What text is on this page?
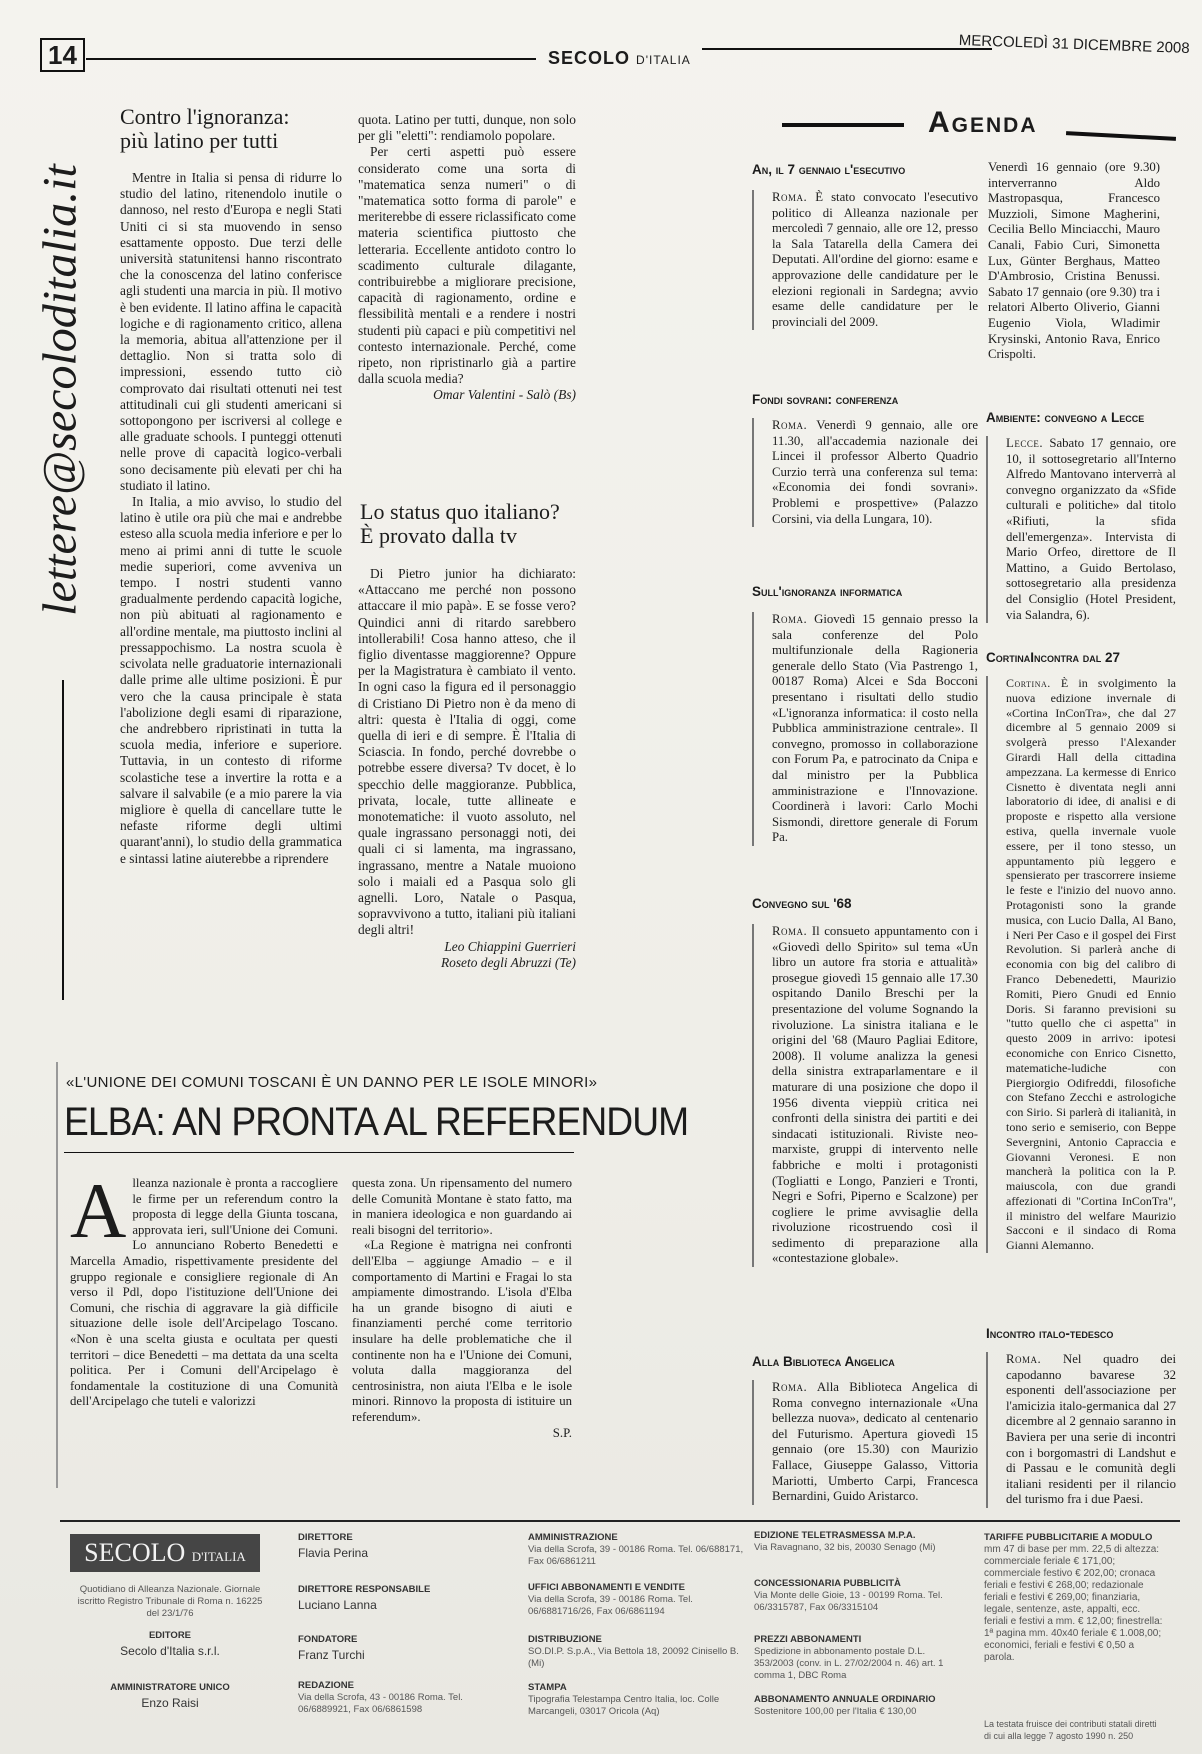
14	SECOLO D'ITALIA
MERCOLEDÌ 31 DICEMBRE 2008
lettere@secoloditalia.it
Contro l'ignoranza:
più latino per tutti

Mentre in Italia si pensa di ridurre lo studio del latino, ritenendolo inutile o dannoso, nel resto d'Europa e negli Stati Uniti ci si sta muovendo in senso esattamente opposto. Due terzi delle università statunitensi hanno riscontrato che la conoscenza del latino conferisce agli studenti una marcia in più. Il motivo è ben evidente. Il latino affina le capacità logiche e di ragionamento critico, allena la memoria, abitua all'attenzione per il dettaglio. Non si tratta solo di impressioni, essendo tutto ciò comprovato dai risultati ottenuti nei test attitudinali cui gli studenti americani si sottopongono per iscriversi al college e alle graduate schools. I punteggi ottenuti nelle prove di capacità logico-verbali sono decisamente più elevati per chi ha studiato il latino.

In Italia, a mio avviso, lo studio del latino è utile ora più che mai e andrebbe esteso alla scuola media inferiore e per lo meno ai primi anni di tutte le scuole medie superiori, come avveniva un tempo. I nostri studenti vanno gradualmente perdendo capacità logiche, non più abituati al ragionamento e all'ordine mentale, ma piuttosto inclini al pressappochismo. La nostra scuola è scivolata nelle graduatorie internazionali dalle prime alle ultime posizioni. È pur vero che la causa principale è stata l'abolizione degli esami di riparazione, che andrebbero ripristinati in tutta la scuola media, inferiore e superiore. Tuttavia, in un contesto di riforme scolastiche tese a invertire la rotta e a salvare il salvabile (e a mio parere la via migliore è quella di cancellare tutte le nefaste riforme degli ultimi quarant'anni), lo studio della grammatica e sintassi latine aiuterebbe a riprendere

quota. Latino per tutti, dunque, non solo per gli "eletti": rendiamolo popolare.

Per certi aspetti può essere considerato come una sorta di "matematica senza numeri" o di "matematica sotto forma di parole" e meriterebbe di essere riclassificato come materia scientifica piuttosto che letteraria. Eccellente antidoto contro lo scadimento culturale dilagante, contribuirebbe a migliorare precisione, capacità di ragionamento, ordine e flessibilità mentali e a rendere i nostri studenti più capaci e più competitivi nel contesto internazionale. Perché, come ripeto, non ripristinarlo già a partire dalla scuola media?

Omar Valentini - Salò (Bs)

Lo status quo italiano?
È provato dalla tv

Di Pietro junior ha dichiarato: «Attaccano me perché non possono attaccare il mio papà». E se fosse vero? Quindici anni di ritardo sarebbero intollerabili! Cosa hanno atteso, che il figlio diventasse maggiorenne? Oppure per la Magistratura è cambiato il vento. In ogni caso la figura ed il personaggio di Cristiano Di Pietro non è da meno di altri: questa è l'Italia di oggi, come quella di ieri e di sempre. È l'Italia di Sciascia. In fondo, perché dovrebbe o potrebbe essere diversa? Tv docet, è lo specchio delle maggioranze. Pubblica, privata, locale, tutte allineate e monotematiche: il vuoto assoluto, nel quale ingrassano personaggi noti, dei quali ci si lamenta, ma ingrassano, ingrassano, mentre a Natale muoiono solo i maiali ed a Pasqua solo gli agnelli. Loro, Natale o Pasqua, sopravvivono a tutto, italiani più italiani degli altri!

Leo Chiappini Guerrieri

Roseto degli Abruzzi (Te)

«L'UNIONE DEI COMUNI TOSCANI È UN DANNO PER LE ISOLE MINORI»
ELBA: AN PRONTA AL REFERENDUM
A lleanza nazionale è pronta a raccogliere le firme per un referendum contro la proposta di legge della Giunta toscana, approvata ieri, sull'Unione dei Comuni. Lo annunciano Roberto Benedetti e Marcella Amadio, rispettivamente presidente del gruppo regionale e consigliere regionale di An verso il Pdl, dopo l'istituzione dell'Unione dei Comuni, che rischia di aggravare la già difficile situazione delle isole dell'Arcipelago Toscano. «Non è una scelta giusta e ocultata per questi territori – dice Benedetti – ma dettata da una scelta politica. Per i Comuni dell'Arcipelago è fondamentale la costituzione di una Comunità dell'Arcipelago che tuteli e valorizzi

questa zona. Un ripensamento del numero delle Comunità Montane è stato fatto, ma in maniera ideologica e non guardando ai reali bisogni del territorio».

«La Regione è matrigna nei confronti dell'Elba – aggiunge Amadio – e il comportamento di Martini e Fragai lo sta ampiamente dimostrando. L'isola d'Elba ha un grande bisogno di aiuti e finanziamenti perché come territorio insulare ha delle problematiche che il continente non ha e l'Unione dei Comuni, voluta dalla maggioranza del centrosinistra, non aiuta l'Elba e le isole minori. Rinnovo la proposta di istituire un referendum».

S.P.

Agenda
An, il 7 gennaio l'esecutivo
Roma. È stato convocato l'esecutivo politico di Alleanza nazionale per mercoledì 7 gennaio, alle ore 12, presso la Sala Tatarella della Camera dei Deputati. All'ordine del giorno: esame e approvazione delle candidature per le elezioni regionali in Sardegna; avvio esame delle candidature per le provinciali del 2009.
Fondi sovrani: conferenza
Roma. Venerdì 9 gennaio, alle ore 11.30, all'accademia nazionale dei Lincei il professor Alberto Quadrio Curzio terrà una conferenza sul tema: «Economia dei fondi sovrani». Problemi e prospettive» (Palazzo Corsini, via della Lungara, 10).
Sull'ignoranza informatica
Roma. Giovedì 15 gennaio presso la sala conferenze del Polo multifunzionale della Ragioneria generale dello Stato (Via Pastrengo 1, 00187 Roma) Alcei e Sda Bocconi presentano i risultati dello studio «L'ignoranza informatica: il costo nella Pubblica amministrazione centrale». Il convegno, promosso in collaborazione con Forum Pa, e patrocinato da Cnipa e dal ministro per la Pubblica amministrazione e l'Innovazione. Coordinerà i lavori: Carlo Mochi Sismondi, direttore generale di Forum Pa.
Convegno sul '68
Roma. Il consueto appuntamento con i «Giovedì dello Spirito» sul tema «Un libro un autore fra storia e attualità» prosegue giovedì 15 gennaio alle 17.30 ospitando Danilo Breschi per la presentazione del volume Sognando la rivoluzione. La sinistra italiana e le origini del '68 (Mauro Pagliai Editore, 2008). Il volume analizza la genesi della sinistra extraparlamentare e il maturare di una posizione che dopo il 1956 diventa vieppiù critica nei confronti della sinistra dei partiti e dei sindacati istituzionali. Riviste neo-marxiste, gruppi di intervento nelle fabbriche e molti i protagonisti (Togliatti e Longo, Panzieri e Tronti, Negri e Sofri, Piperno e Scalzone) per cogliere le prime avvisaglie della rivoluzione ricostruendo così il sedimento di preparazione alla «contestazione globale».
Alla Biblioteca Angelica
Roma. Alla Biblioteca Angelica di Roma convegno internazionale «Una bellezza nuova», dedicato al centenario del Futurismo. Apertura giovedì 15 gennaio (ore 15.30) con Maurizio Fallace, Giuseppe Galasso, Vittoria Mariotti, Umberto Carpi, Francesca Bernardini, Guido Aristarco.
Venerdì 16 gennaio (ore 9.30) interverranno Aldo Mastropasqua, Francesco Muzzioli, Simone Magherini, Cecilia Bello Minciacchi, Mauro Canali, Fabio Curi, Simonetta Lux, Günter Berghaus, Matteo D'Ambrosio, Cristina Benussi. Sabato 17 gennaio (ore 9.30) tra i relatori Alberto Oliverio, Gianni Eugenio Viola, Wladimir Krysinski, Antonio Rava, Enrico Crispolti.
Ambiente: convegno a Lecce
Lecce. Sabato 17 gennaio, ore 10, il sottosegretario all'Interno Alfredo Mantovano interverrà al convegno organizzato da «Sfide culturali e politiche» dal titolo «Rifiuti, la sfida dell'emergenza». Intervista di Mario Orfeo, direttore de Il Mattino, a Guido Bertolaso, sottosegretario alla presidenza del Consiglio (Hotel President, via Salandra, 6).
CortinaIncontra dal 27
Cortina. È in svolgimento la nuova edizione invernale di «Cortina InConTra», che dal 27 dicembre al 5 gennaio 2009 si svolgerà presso l'Alexander Girardi Hall della cittadina ampezzana. La kermesse di Enrico Cisnetto è diventata negli anni laboratorio di idee, di analisi e di proposte e rispetto alla versione estiva, quella invernale vuole essere, per il tono stesso, un appuntamento più leggero e spensierato per trascorrere insieme le feste e l'inizio del nuovo anno. Protagonisti sono la grande musica, con Lucio Dalla, Al Bano, i Neri Per Caso e il gospel dei First Revolution. Si parlerà anche di economia con big del calibro di Franco Debenedetti, Maurizio Romiti, Piero Gnudi ed Ennio Doris. Si faranno previsioni su "tutto quello che ci aspetta" in questo 2009 in arrivo: ipotesi economiche con Enrico Cisnetto, matematiche-ludiche con Piergiorgio Odifreddi, filosofiche con Stefano Zecchi e astrologiche con Sirio. Si parlerà di italianità, in tono serio e semiserio, con Beppe Severgnini, Antonio Capraccia e Giovanni Veronesi. E non mancherà la politica con la P. maiuscola, con due grandi affezionati di "Cortina InConTra", il ministro del welfare Maurizio Sacconi e il sindaco di Roma Gianni Alemanno.
Incontro italo-tedesco
Roma. Nel quadro dei capodanno bavarese 32 esponenti dell'associazione per l'amicizia italo-germanica dal 27 dicembre al 2 gennaio saranno in Baviera per una serie di incontri con i borgomastri di Landshut e di Passau e le comunità degli italiani residenti per il rilancio del turismo fra i due Paesi.
SECOLO D'ITALIA
Quotidiano di Alleanza Nazionale. Giornale iscritto Registro Tribunale di Roma n. 16225 del 23/1/76
EDITORE
Secolo d'Italia s.r.l.
AMMINISTRATORE UNICO
Enzo Raisi
DIRETTORE
Flavia Perina
DIRETTORE RESPONSABILE
Luciano Lanna
FONDATORE
Franz Turchi
REDAZIONE
Via della Scrofa, 43 - 00186 Roma. Tel. 06/6889921, Fax 06/6861598
AMMINISTRAZIONE
Via della Scrofa, 39 - 00186 Roma. Tel. 06/688171, Fax 06/6861211
UFFICI ABBONAMENTI E VENDITE
Via della Scrofa, 39 - 00186 Roma. Tel. 06/6881716/26, Fax 06/6861194
DISTRIBUZIONE
SO.DI.P. S.p.A., Via Bettola 18, 20092 Cinisello B. (Mi)
STAMPA
Tipografia Telestampa Centro Italia, loc. Colle Marcangeli, 03017 Oricola (Aq)
EDIZIONE TELETRASMESSA M.P.A.
Via Ravagnano, 32 bis, 20030 Senago (Mi)
CONCESSIONARIA PUBBLICITÀ
Via Monte delle Gioie, 13 - 00199 Roma. Tel. 06/3315787, Fax 06/3315104
PREZZI ABBONAMENTI
Spedizione in abbonamento postale D.L. 353/2003 (conv. in L. 27/02/2004 n. 46) art. 1 comma 1, DBC Roma
ABBONAMENTO ANNUALE ORDINARIO
Sostenitore 100,00 per l'Italia € 130,00
TARIFFE PUBBLICITARIE A MODULO
mm 47 di base per mm. 22,5 di altezza: commerciale feriale € 171,00; commerciale festivo € 202,00; cronaca feriali e festivi € 268,00; redazionale feriali e festivi € 269,00; finanziaria, legale, sentenze, aste, appalti, ecc. feriali e festivi a mm. € 12,00; finestrella: 1ª pagina mm. 40x40 feriale € 1.008,00; economici, feriali e festivi € 0,50 a parola.
La testata fruisce dei contributi statali diretti di cui alla legge 7 agosto 1990 n. 250
